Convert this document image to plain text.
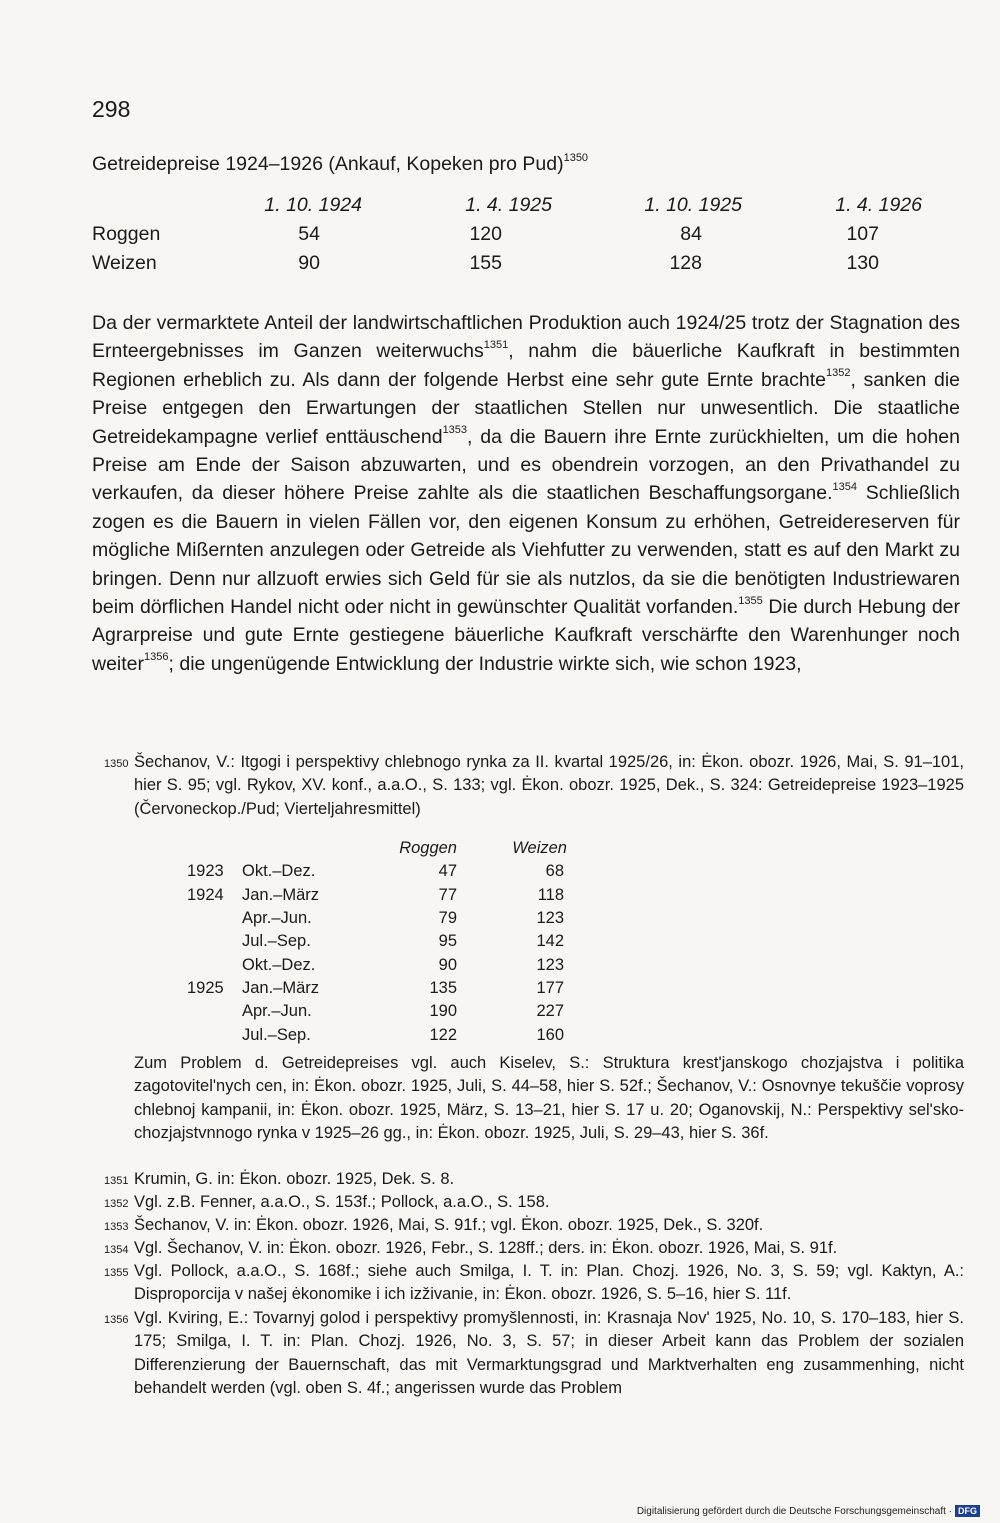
298
Getreidepreise 1924–1926 (Ankauf, Kopeken pro Pud)$^{1350}$
	1. 10. 1924	1. 4. 1925	1. 10. 1925	1. 4. 1926
Roggen	54	120	84	107
Weizen	90	155	128	130

Da der vermarktete Anteil der landwirtschaftlichen Produktion auch 1924/25 trotz der Stagnation des Ernteergebnisses im Ganzen weiterwuchs$^{1351}$, nahm die bäuerliche Kaufkraft in bestimmten Regionen erheblich zu. Als dann der folgende Herbst eine sehr gute Ernte brachte$^{1352}$, sanken die Preise entgegen den Erwartungen der staatlichen Stellen nur unwesentlich. Die staatliche Getreidekampagne verlief enttäuschend$^{1353}$, da die Bauern ihre Ernte zurückhielten, um die hohen Preise am Ende der Saison abzuwarten, und es obendrein vorzogen, an den Privathandel zu verkaufen, da dieser höhere Preise zahlte als die staatlichen Beschaffungsorgane.$^{1354}$ Schließlich zogen es die Bauern in vielen Fällen vor, den eigenen Konsum zu erhöhen, Getreidereserven für mögliche Mißernten anzulegen oder Getreide als Viehfutter zu verwenden, statt es auf den Markt zu bringen. Denn nur allzuoft erwies sich Geld für sie als nutzlos, da sie die benötigten Industriewaren beim dörflichen Handel nicht oder nicht in gewünschter Qualität vorfanden.$^{1355}$ Die durch Hebung der Agrarpreise und gute Ernte gestiegene bäuerliche Kaufkraft verschärfte den Warenhunger noch weiter$^{1356}$; die ungenügende Entwicklung der Industrie wirkte sich, wie schon 1923,

1350 Šechanov, V.: Itgogi i perspektivy chlebnogo rynka za II. kvartal 1925/26, in: Ėkon. obozr. 1926, Mai, S. 91–101, hier S. 95; vgl. Rykov, XV. konf., a.a.O., S. 133; vgl. Ėkon. obozr. 1925, Dek., S. 324: Getreidepreise 1923–1925 (Červoneckop./Pud; Vierteljahresmittel)
		Roggen	Weizen
1923	Okt.–Dez.	47	68
1924	Jan.–März	77	118
	Apr.–Jun.	79	123
	Jul.–Sep.	95	142
	Okt.–Dez.	90	123
1925	Jan.–März	135	177
	Apr.–Jun.	190	227
	Jul.–Sep.	122	160
Zum Problem d. Getreidepreises vgl. auch Kiselev, S.: Struktura krest'janskogo chozjajstva i politika zagotovitel'nych cen, in: Ėkon. obozr. 1925, Juli, S. 44–58, hier S. 52f.; Šechanov, V.: Osnovnye tekuščie voprosy chlebnoj kampanii, in: Ėkon. obozr. 1925, März, S. 13–21, hier S. 17 u. 20; Oganovskij, N.: Perspektivy sel'sko-chozjajstvnnogo rynka v 1925–26 gg., in: Ėkon. obozr. 1925, Juli, S. 29–43, hier S. 36f.
1351 Krumin, G. in: Ėkon. obozr. 1925, Dek. S. 8.
1352 Vgl. z.B. Fenner, a.a.O., S. 153f.; Pollock, a.a.O., S. 158.
1353 Šechanov, V. in: Ėkon. obozr. 1926, Mai, S. 91f.; vgl. Ėkon. obozr. 1925, Dek., S. 320f.
1354 Vgl. Šechanov, V. in: Ėkon. obozr. 1926, Febr., S. 128ff.; ders. in: Ėkon. obozr. 1926, Mai, S. 91f.
1355 Vgl. Pollock, a.a.O., S. 168f.; siehe auch Smilga, I. T. in: Plan. Chozj. 1926, No. 3, S. 59; vgl. Kaktyn, A.: Disproporcija v našej ėkonomike i ich izživanie, in: Ėkon. obozr. 1926, S. 5–16, hier S. 11f.
1356 Vgl. Kviring, E.: Tovarnyj golod i perspektivy promyšlennosti, in: Krasnaja Nov' 1925, No. 10, S. 170–183, hier S. 175; Smilga, I. T. in: Plan. Chozj. 1926, No. 3, S. 57; in dieser Arbeit kann das Problem der sozialen Differenzierung der Bauernschaft, das mit Vermarktungsgrad und Marktverhalten eng zusammenhing, nicht behandelt werden (vgl. oben S. 4f.; angerissen wurde das Problem
Digitalisierung gefördert durch die Deutsche Forschungsgemeinschaft · DFG
